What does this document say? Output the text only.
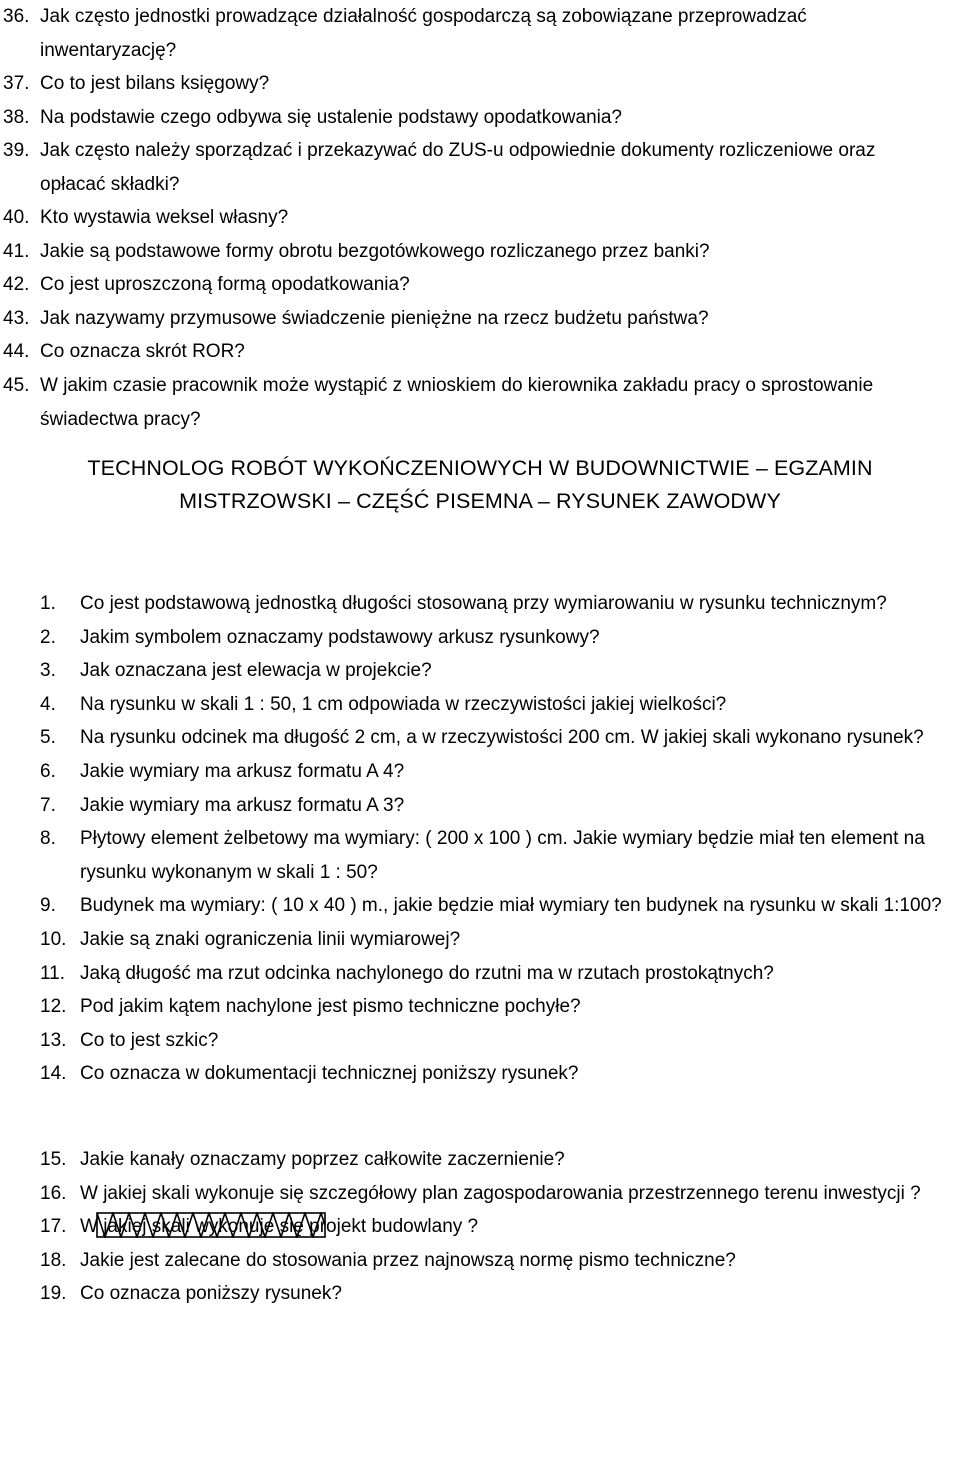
36. Jak często jednostki prowadzące działalność gospodarczą są zobowiązane przeprowadzać inwentaryzację?
37. Co to jest bilans księgowy?
38. Na podstawie czego odbywa się ustalenie podstawy opodatkowania?
39. Jak często należy sporządzać i przekazywać do ZUS-u odpowiednie dokumenty rozliczeniowe oraz opłacać składki?
40. Kto wystawia weksel własny?
41. Jakie są podstawowe formy obrotu bezgotówkowego rozliczanego przez banki?
42. Co jest uproszczoną formą opodatkowania?
43. Jak nazywamy przymusowe świadczenie pieniężne na rzecz budżetu państwa?
44. Co oznacza skrót ROR?
45. W jakim czasie pracownik może wystąpić z wnioskiem do kierownika zakładu pracy o sprostowanie świadectwa pracy?
TECHNOLOG ROBÓT WYKOŃCZENIOWYCH W BUDOWNICTWIE – EGZAMIN
MISTRZOWSKI – CZĘŚĆ PISEMNA – RYSUNEK ZAWODWY
1. Co jest podstawową jednostką długości stosowaną przy wymiarowaniu w rysunku technicznym?
2. Jakim symbolem oznaczamy podstawowy arkusz rysunkowy?
3. Jak oznaczana jest elewacja w projekcie?
4. Na rysunku w skali 1 : 50, 1 cm odpowiada w rzeczywistości jakiej wielkości?
5. Na rysunku odcinek ma długość 2 cm, a w rzeczywistości 200 cm. W jakiej skali wykonano rysunek?
6. Jakie wymiary ma arkusz formatu A 4?
7. Jakie wymiary ma arkusz formatu A 3?
8. Płytowy element żelbetowy ma wymiary: ( 200 x 100 ) cm. Jakie wymiary będzie miał ten element na rysunku wykonanym w skali 1 : 50?
9. Budynek ma wymiary: ( 10 x 40 ) m., jakie będzie miał wymiary ten budynek na rysunku w skali 1:100?
10. Jakie są znaki ograniczenia linii wymiarowej?
11. Jaką długość ma rzut odcinka nachylonego do rzutni ma w rzutach prostokątnych?
12. Pod jakim kątem nachylone jest pismo techniczne pochyłe?
13. Co to jest szkic?
14. Co oznacza w dokumentacji technicznej poniższy rysunek?
15. Jakie kanały oznaczamy poprzez całkowite zaczernienie?
16. W jakiej skali wykonuje się szczegółowy plan zagospodarowania przestrzennego terenu inwestycji ?
17. W jakiej skali wykonuje się projekt budowlany ?
18. Jakie jest zalecane do stosowania przez najnowszą normę pismo techniczne?
19. Co oznacza poniższy rysunek?
